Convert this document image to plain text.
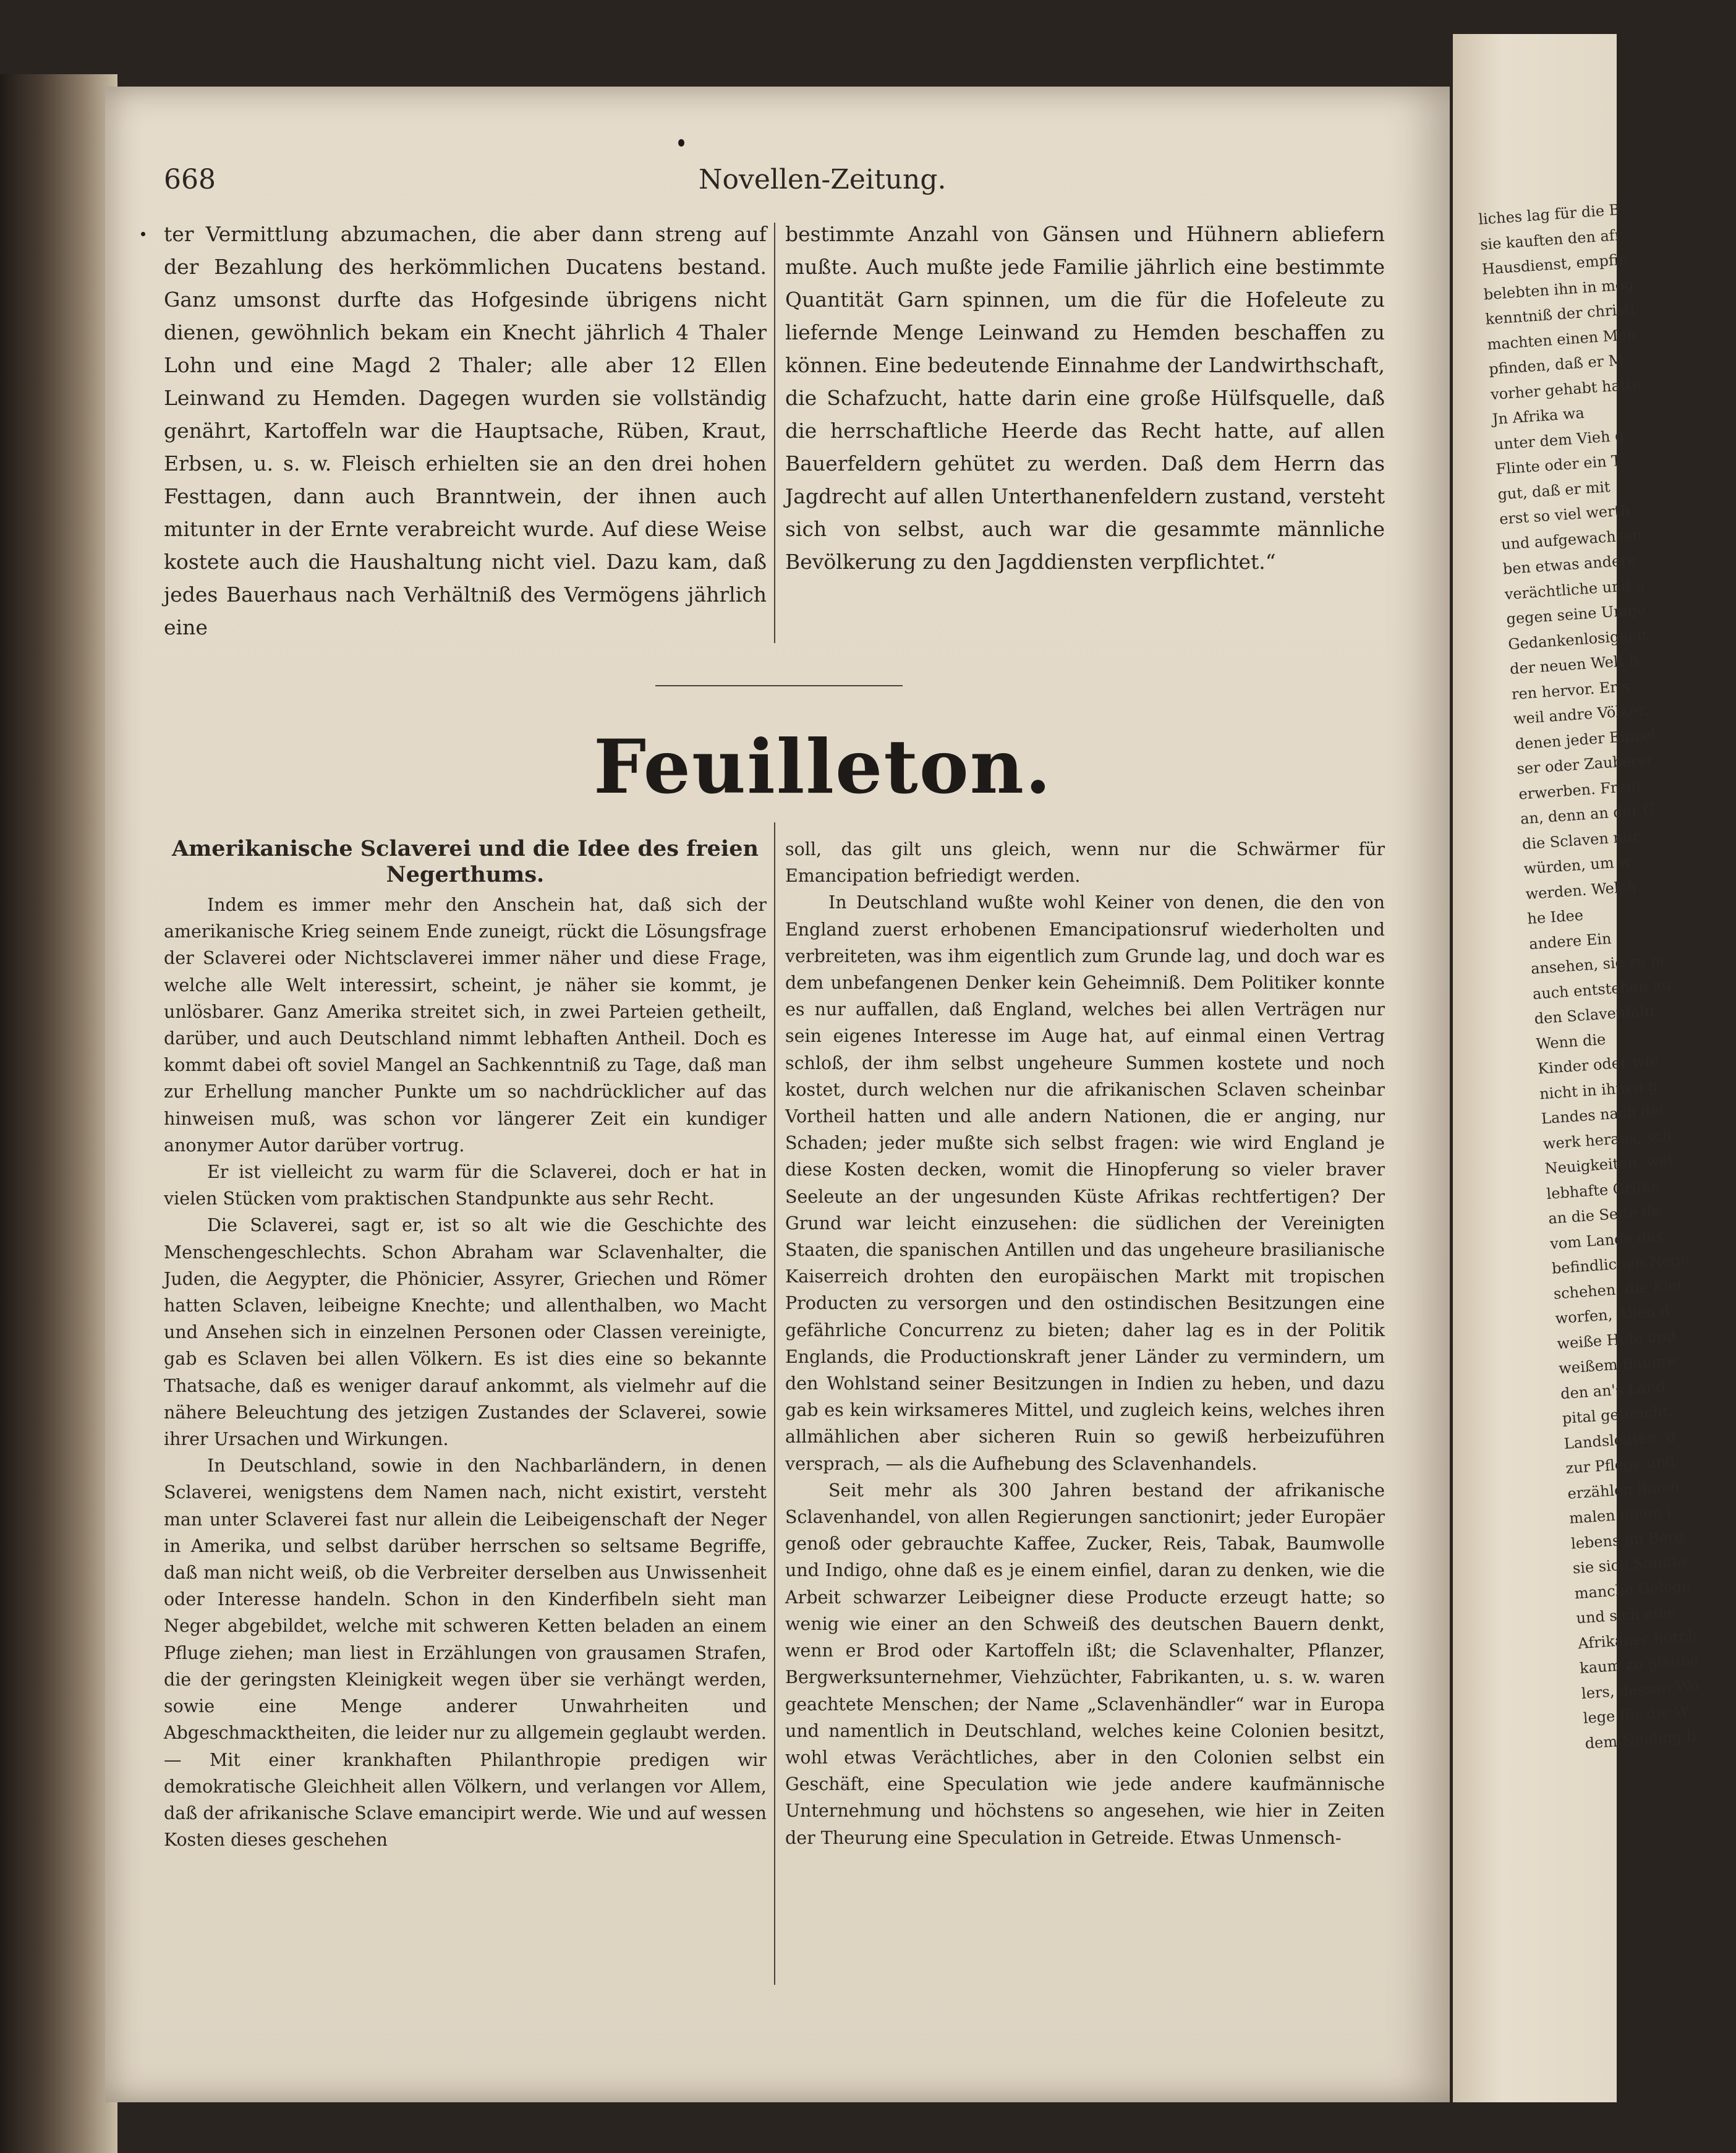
liches lag für die B
sie kauften den afr
Hausdienst, empfin
belebten ihn in mög
kenntniß der christl
machten einen Men
pfinden, daß er M
vorher gehabt hatte
Jn Afrika wa
unter dem Vieh g
Flinte oder ein T
gut, daß er mit
erst so viel werth
und aufgewachsen
ben etwas andere
verächtliche und u
gegen seine Umge
Gedankenlosigkeit
der neuen Welt b
ren hervor. Er s
weil andre Völker,
denen jeder Einzel
ser oder Zauberer
erwerben. Freili
an, denn an der G
die Sclaven nur
würden, um w
werden. Welch
he Idee
andere Ein
ansehen, sie zu m
auch entstehen au
den Sclavenfahr
Wenn die
Kinder oder wie
nicht in ihnen g
Landes nach dei
werk heraus, sch
Neuigkeiten, wel
lebhafte Grüße
an die Seite de
vom Lande das
befindlichen Nege
schehen, die Klei
worfen, Allen d
weiße Hofe und
weißem Baumw
den an's Land
pital gebracht,
Landsleuten, d
zur Pflege und
erzählen ihnen
malen ihnen i
lebens im Berg
sie sich Sonnta
manche Gelege
und sich eine
Afrikaner horch
kaum zu glaube
lers, dessen Wo
lege für die W
dem Neuling b
668	Novellen-Zeitung.

ter Vermittlung abzumachen, die aber dann streng auf der Bezahlung des herkömmlichen Ducatens bestand. Ganz umsonst durfte das Hofgesinde übrigens nicht dienen, gewöhnlich bekam ein Knecht jährlich 4 Thaler Lohn und eine Magd 2 Thaler; alle aber 12 Ellen Leinwand zu Hemden. Dagegen wurden sie vollständig genährt, Kartoffeln war die Hauptsache, Rüben, Kraut, Erbsen, u. s. w. Fleisch erhielten sie an den drei hohen Festtagen, dann auch Branntwein, der ihnen auch mitunter in der Ernte verabreicht wurde. Auf diese Weise kostete auch die Haushaltung nicht viel. Dazu kam, daß jedes Bauerhaus nach Verhältniß des Vermögens jährlich eine

bestimmte Anzahl von Gänsen und Hühnern abliefern mußte. Auch mußte jede Familie jährlich eine bestimmte Quantität Garn spinnen, um die für die Hofeleute zu liefernde Menge Leinwand zu Hemden beschaffen zu können. Eine bedeutende Einnahme der Landwirthschaft, die Schafzucht, hatte darin eine große Hülfsquelle, daß die herrschaftliche Heerde das Recht hatte, auf allen Bauerfeldern gehütet zu werden. Daß dem Herrn das Jagdrecht auf allen Unterthanenfeldern zustand, versteht sich von selbst, auch war die gesammte männliche Bevölkerung zu den Jagddiensten verpflichtet.“

Feuilleton.
Amerikanische Sclaverei und die Idee des freien Negerthums.

Indem es immer mehr den Anschein hat, daß sich der amerikanische Krieg seinem Ende zuneigt, rückt die Lösungsfrage der Sclaverei oder Nichtsclaverei immer näher und diese Frage, welche alle Welt interessirt, scheint, je näher sie kommt, je unlösbarer. Ganz Amerika streitet sich, in zwei Parteien getheilt, darüber, und auch Deutschland nimmt lebhaften Antheil. Doch es kommt dabei oft soviel Mangel an Sachkenntniß zu Tage, daß man zur Erhellung mancher Punkte um so nachdrücklicher auf das hinweisen muß, was schon vor längerer Zeit ein kundiger anonymer Autor darüber vortrug.

Er ist vielleicht zu warm für die Sclaverei, doch er hat in vielen Stücken vom praktischen Standpunkte aus sehr Recht.

Die Sclaverei, sagt er, ist so alt wie die Geschichte des Menschengeschlechts. Schon Abraham war Sclavenhalter, die Juden, die Aegypter, die Phönicier, Assyrer, Griechen und Römer hatten Sclaven, leibeigne Knechte; und allenthalben, wo Macht und Ansehen sich in einzelnen Personen oder Classen vereinigte, gab es Sclaven bei allen Völkern. Es ist dies eine so bekannte Thatsache, daß es weniger darauf ankommt, als vielmehr auf die nähere Beleuchtung des jetzigen Zustandes der Sclaverei, sowie ihrer Ursachen und Wirkungen.

In Deutschland, sowie in den Nachbarländern, in denen Sclaverei, wenigstens dem Namen nach, nicht existirt, versteht man unter Sclaverei fast nur allein die Leibeigenschaft der Neger in Amerika, und selbst darüber herrschen so seltsame Begriffe, daß man nicht weiß, ob die Verbreiter derselben aus Unwissenheit oder Interesse handeln. Schon in den Kinderfibeln sieht man Neger abgebildet, welche mit schweren Ketten beladen an einem Pfluge ziehen; man liest in Erzählungen von grausamen Strafen, die der geringsten Kleinigkeit wegen über sie verhängt werden, sowie eine Menge anderer Unwahrheiten und Abgeschmacktheiten, die leider nur zu allgemein geglaubt werden. — Mit einer krankhaften Philanthropie predigen wir demokratische Gleichheit allen Völkern, und verlangen vor Allem, daß der afrikanische Sclave emancipirt werde. Wie und auf wessen Kosten dieses geschehen

soll, das gilt uns gleich, wenn nur die Schwärmer für Emancipation befriedigt werden.

In Deutschland wußte wohl Keiner von denen, die den von England zuerst erhobenen Emancipationsruf wiederholten und verbreiteten, was ihm eigentlich zum Grunde lag, und doch war es dem unbefangenen Denker kein Geheimniß. Dem Politiker konnte es nur auffallen, daß England, welches bei allen Verträgen nur sein eigenes Interesse im Auge hat, auf einmal einen Vertrag schloß, der ihm selbst ungeheure Summen kostete und noch kostet, durch welchen nur die afrikanischen Sclaven scheinbar Vortheil hatten und alle andern Nationen, die er anging, nur Schaden; jeder mußte sich selbst fragen: wie wird England je diese Kosten decken, womit die Hinopferung so vieler braver Seeleute an der ungesunden Küste Afrikas rechtfertigen? Der Grund war leicht einzusehen: die südlichen der Vereinigten Staaten, die spanischen Antillen und das ungeheure brasilianische Kaiserreich drohten den europäischen Markt mit tropischen Producten zu versorgen und den ostindischen Besitzungen eine gefährliche Concurrenz zu bieten; daher lag es in der Politik Englands, die Productionskraft jener Länder zu vermindern, um den Wohlstand seiner Besitzungen in Indien zu heben, und dazu gab es kein wirksameres Mittel, und zugleich keins, welches ihren allmählichen aber sicheren Ruin so gewiß herbeizuführen versprach, — als die Aufhebung des Sclavenhandels.

Seit mehr als 300 Jahren bestand der afrikanische Sclavenhandel, von allen Regierungen sanctionirt; jeder Europäer genoß oder gebrauchte Kaffee, Zucker, Reis, Tabak, Baumwolle und Indigo, ohne daß es je einem einfiel, daran zu denken, wie die Arbeit schwarzer Leibeigner diese Producte erzeugt hatte; so wenig wie einer an den Schweiß des deutschen Bauern denkt, wenn er Brod oder Kartoffeln ißt; die Sclavenhalter, Pflanzer, Bergwerksunternehmer, Viehzüchter, Fabrikanten, u. s. w. waren geachtete Menschen; der Name „Sclavenhändler“ war in Europa und namentlich in Deutschland, welches keine Colonien besitzt, wohl etwas Verächtliches, aber in den Colonien selbst ein Geschäft, eine Speculation wie jede andere kaufmännische Unternehmung und höchstens so angesehen, wie hier in Zeiten der Theurung eine Speculation in Getreide. Etwas Unmensch-
